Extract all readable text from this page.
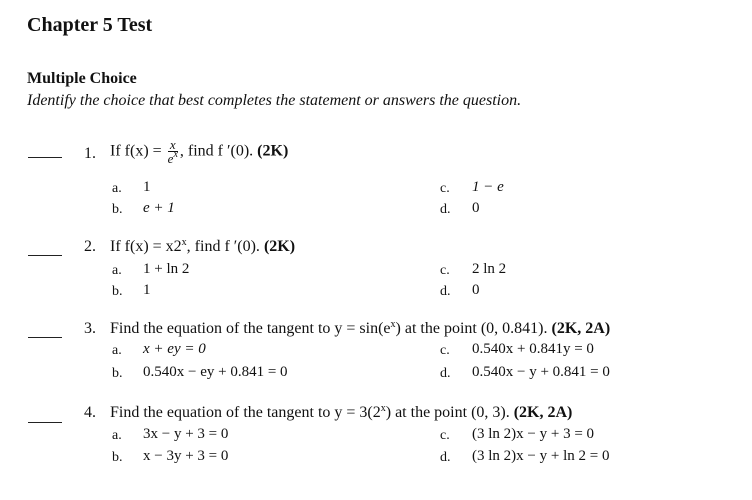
Chapter 5 Test
Multiple Choice
Identify the choice that best completes the statement or answers the question.
1. If $f(x) = \frac{x}{e^x}$ , find f ′(0). (2K)
a. 1
b. e + 1
c. 1 − e
d. 0
2. If $f(x) = x2^x$, find f ′(0). (2K)
a. 1 + ln 2
b. 1
c. 2 ln 2
d. 0
3. Find the equation of the tangent to $y = \sin(e^x)$ at the point (0, 0.841). (2K, 2A)
a. x + ey = 0
b. 0.540x − ey + 0.841 = 0
c. 0.540x + 0.841y = 0
d. 0.540x − y + 0.841 = 0
4. Find the equation of the tangent to $y = 3(2^x)$ at the point (0, 3). (2K, 2A)
a. 3x − y + 3 = 0
b. x − 3y + 3 = 0
c. (3 ln 2)x − y + 3 = 0
d. (3 ln 2)x − y + ln 2 = 0
